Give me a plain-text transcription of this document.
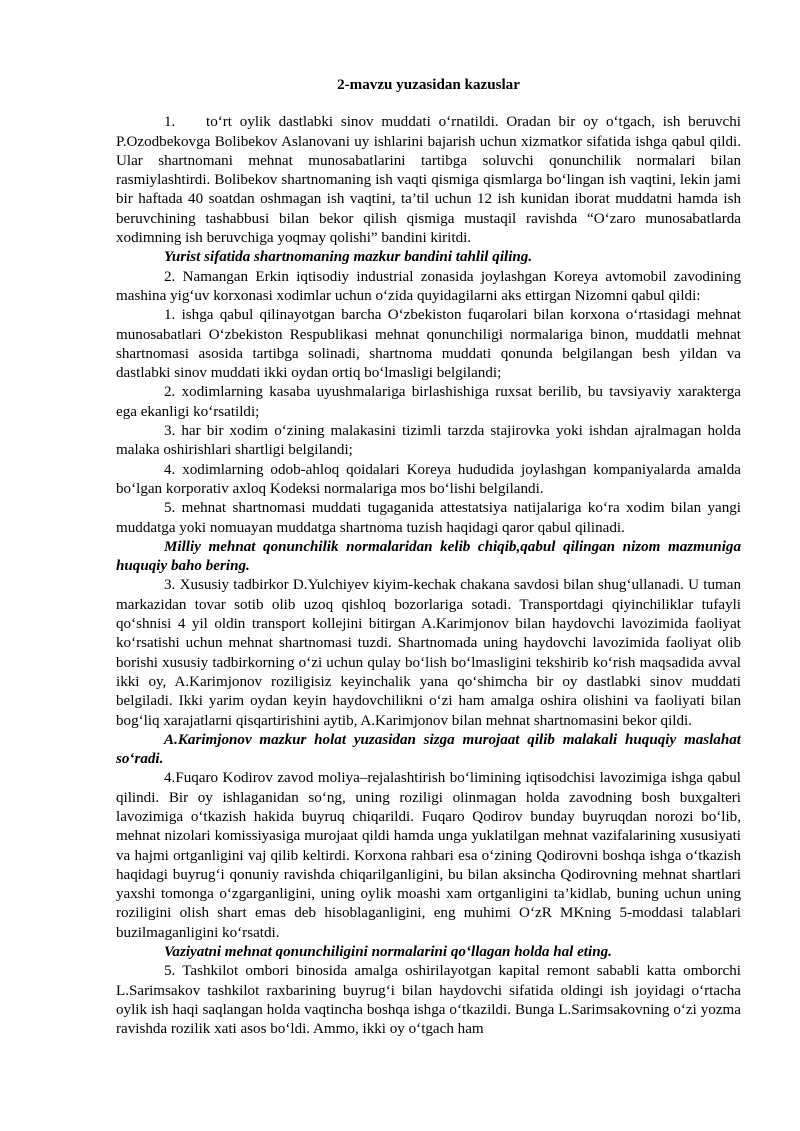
2-mavzu yuzasidan kazuslar

1. to‘rt oylik dastlabki sinov muddati o‘rnatildi. Oradan bir oy o‘tgach, ish beruvchi P.Ozodbekovga Bolibekov Aslanovani uy ishlarini bajarish uchun xizmatkor sifatida ishga qabul qildi. Ular shartnomani mehnat munosabatlarini tartibga soluvchi qonunchilik normalari bilan rasmiylashtirdi. Bolibekov shartnomaning ish vaqti qismiga qismlarga bo‘lingan ish vaqtini, lekin jami bir haftada 40 soatdan oshmagan ish vaqtini, ta’til uchun 12 ish kunidan iborat muddatni hamda ish beruvchining tashabbusi bilan bekor qilish qismiga mustaqil ravishda “O‘zaro munosabatlarda xodimning ish beruvchiga yoqmay qolishi” bandini kiritdi.

Yurist sifatida shartnomaning mazkur bandini tahlil qiling.

2. Namangan Erkin iqtisodiy industrial zonasida joylashgan Koreya avtomobil zavodining mashina yig‘uv korxonasi xodimlar uchun o‘zida quyidagilarni aks ettirgan Nizomni qabul qildi:

1. ishga qabul qilinayotgan barcha O‘zbekiston fuqarolari bilan korxona o‘rtasidagi mehnat munosabatlari O‘zbekiston Respublikasi mehnat qonunchiligi normalariga binon, muddatli mehnat shartnomasi asosida tartibga solinadi, shartnoma muddati qonunda belgilangan besh yildan va dastlabki sinov muddati ikki oydan ortiq bo‘lmasligi belgilandi;

2. xodimlarning kasaba uyushmalariga birlashishiga ruxsat berilib, bu tavsiyaviy xarakterga ega ekanligi ko‘rsatildi;

3. har bir xodim o‘zining malakasini tizimli tarzda stajirovka yoki ishdan ajralmagan holda malaka oshirishlari shartligi belgilandi;

4. xodimlarning odob-ahloq qoidalari Koreya hududida joylashgan kompaniyalarda amalda bo‘lgan korporativ axloq Kodeksi normalariga mos bo‘lishi belgilandi.

5. mehnat shartnomasi muddati tugaganida attestatsiya natijalariga ko‘ra xodim bilan yangi muddatga yoki nomuayan muddatga shartnoma tuzish haqidagi qaror qabul qilinadi.

Milliy mehnat qonunchilik normalaridan kelib chiqib,qabul qilingan nizom mazmuniga huquqiy baho bering.

3. Xususiy tadbirkor D.Yulchiyev kiyim-kechak chakana savdosi bilan shug‘ullanadi. U tuman markazidan tovar sotib olib uzoq qishloq bozorlariga sotadi. Transportdagi qiyinchiliklar tufayli qo‘shnisi 4 yil oldin transport kollejini bitirgan A.Karimjonov bilan haydovchi lavozimida faoliyat ko‘rsatishi uchun mehnat shartnomasi tuzdi. Shartnomada uning haydovchi lavozimida faoliyat olib borishi xususiy tadbirkorning o‘zi uchun qulay bo‘lish bo‘lmasligini tekshirib ko‘rish maqsadida avval ikki oy, A.Karimjonov roziligisiz keyinchalik yana qo‘shimcha bir oy dastlabki sinov muddati belgiladi. Ikki yarim oydan keyin haydovchilikni o‘zi ham amalga oshira olishini va faoliyati bilan bog‘liq xarajatlarni qisqartirishini aytib, A.Karimjonov bilan mehnat shartnomasini bekor qildi.

A.Karimjonov mazkur holat yuzasidan sizga murojaat qilib malakali huquqiy maslahat so‘radi.

4.Fuqaro Kodirov zavod moliya–rejalashtirish bo‘limining iqtisodchisi lavozimiga ishga qabul qilindi. Bir oy ishlaganidan so‘ng, uning roziligi olinmagan holda zavodning bosh buxgalteri lavozimiga o‘tkazish hakida buyruq chiqarildi. Fuqaro Qodirov bunday buyruqdan norozi bo‘lib, mehnat nizolari komissiyasiga murojaat qildi hamda unga yuklatilgan mehnat vazifalarining xususiyati va hajmi ortganligini vaj qilib keltirdi. Korxona rahbari esa o‘zining Qodirovni boshqa ishga o‘tkazish haqidagi buyrug‘i qonuniy ravishda chiqarilganligini, bu bilan aksincha Qodirovning mehnat shartlari yaxshi tomonga o‘zgarganligini, uning oylik moashi xam ortganligini ta’kidlab, buning uchun uning roziligini olish shart emas deb hisoblaganligini, eng muhimi O‘zR MKning 5-moddasi talablari buzilmaganligini ko‘rsatdi.

Vaziyatni mehnat qonunchiligini normalarini qo‘llagan holda hal eting.

5. Tashkilot ombori binosida amalga oshirilayotgan kapital remont sababli katta omborchi L.Sarimsakov tashkilot raxbarining buyrug‘i bilan haydovchi sifatida oldingi ish joyidagi o‘rtacha oylik ish haqi saqlangan holda vaqtincha boshqa ishga o‘tkazildi. Bunga L.Sarimsakovning o‘zi yozma ravishda rozilik xati asos bo‘ldi. Ammo, ikki oy o‘tgach ham
